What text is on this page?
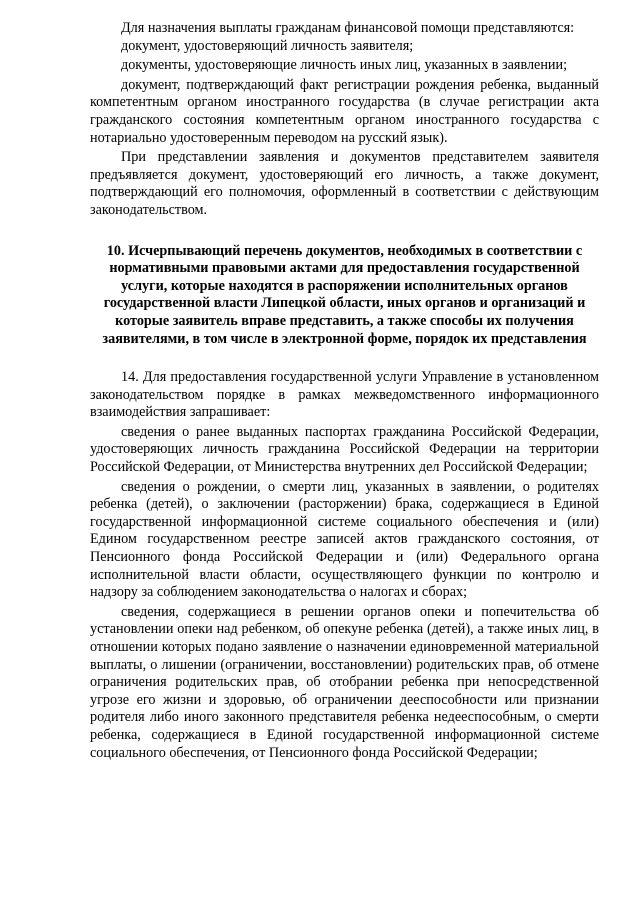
Для назначения выплаты гражданам финансовой помощи представляются:

документ, удостоверяющий личность заявителя;

документы, удостоверяющие личность иных лиц, указанных в заявлении;

документ, подтверждающий факт регистрации рождения ребенка, выданный компетентным органом иностранного государства (в случае регистрации акта гражданского состояния компетентным органом иностранного государства с нотариально удостоверенным переводом на русский язык).

При представлении заявления и документов представителем заявителя предъявляется документ, удостоверяющий его личность, а также документ, подтверждающий его полномочия, оформленный в соответствии с действующим законодательством.

10. Исчерпывающий перечень документов, необходимых в соответствии с нормативными правовыми актами для предоставления государственной услуги, которые находятся в распоряжении исполнительных органов государственной власти Липецкой области, иных органов и организаций и которые заявитель вправе представить, а также способы их получения заявителями, в том числе в электронной форме, порядок их представления

14. Для предоставления государственной услуги Управление в установленном законодательством порядке в рамках межведомственного информационного взаимодействия запрашивает:

сведения о ранее выданных паспортах гражданина Российской Федерации, удостоверяющих личность гражданина Российской Федерации на территории Российской Федерации, от Министерства внутренних дел Российской Федерации;

сведения о рождении, о смерти лиц, указанных в заявлении, о родителях ребенка (детей), о заключении (расторжении) брака, содержащиеся в Единой государственной информационной системе социального обеспечения и (или) Едином государственном реестре записей актов гражданского состояния, от Пенсионного фонда Российской Федерации и (или) Федерального органа исполнительной власти области, осуществляющего функции по контролю и надзору за соблюдением законодательства о налогах и сборах;

сведения, содержащиеся в решении органов опеки и попечительства об установлении опеки над ребенком, об опекуне ребенка (детей), а также иных лиц, в отношении которых подано заявление о назначении единовременной материальной выплаты, о лишении (ограничении, восстановлении) родительских прав, об отмене ограничения родительских прав, об отобрании ребенка при непосредственной угрозе его жизни и здоровью, об ограничении дееспособности или признании родителя либо иного законного представителя ребенка недееспособным, о смерти ребенка, содержащиеся в Единой государственной информационной системе социального обеспечения, от Пенсионного фонда Российской Федерации;
